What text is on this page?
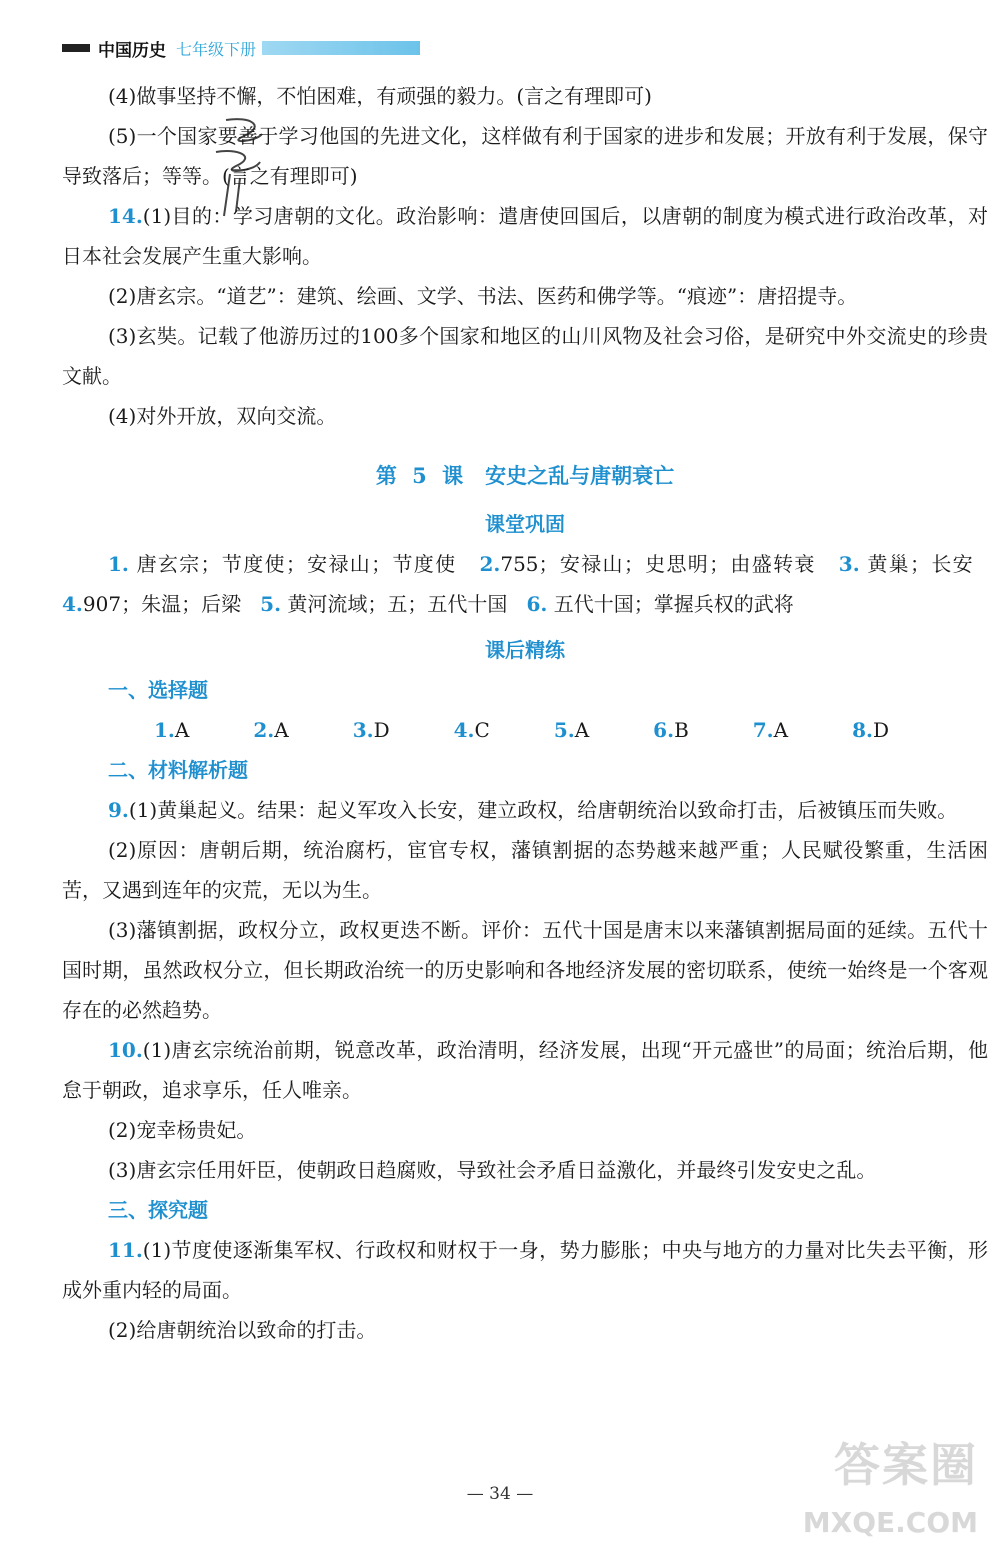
中国历史 七年级下册

(4)做事坚持不懈，不怕困难，有顽强的毅力。(言之有理即可)

(5)一个国家要善于学习他国的先进文化，这样做有利于国家的进步和发展；开放有利于发展，保守导致落后；等等。(言之有理即可)

14.(1)目的：学习唐朝的文化。政治影响：遣唐使回国后，以唐朝的制度为模式进行政治改革，对日本社会发展产生重大影响。

(2)唐玄宗。“道艺”：建筑、绘画、文学、书法、医药和佛学等。“痕迹”：唐招提寺。

(3)玄奘。记载了他游历过的100多个国家和地区的山川风物及社会习俗，是研究中外交流史的珍贵文献。

(4)对外开放，双向交流。

第 5 课 安史之乱与唐朝衰亡
课堂巩固

1. 唐玄宗；节度使；安禄山；节度使 2.755；安禄山；史思明；由盛转衰 3. 黄巢；长安   4.907；朱温；后梁 5. 黄河流域；五；五代十国 6. 五代十国；掌握兵权的武将

课后精练
一、选择题

1.A	2.A	3.D	4.C	5.A	6.B	7.A	8.D

二、材料解析题

9.(1)黄巢起义。结果：起义军攻入长安，建立政权，给唐朝统治以致命打击，后被镇压而失败。

(2)原因：唐朝后期，统治腐朽，宦官专权，藩镇割据的态势越来越严重；人民赋役繁重，生活困苦，又遇到连年的灾荒，无以为生。

(3)藩镇割据，政权分立，政权更迭不断。评价：五代十国是唐末以来藩镇割据局面的延续。五代十国时期，虽然政权分立，但长期政治统一的历史影响和各地经济发展的密切联系，使统一始终是一个客观存在的必然趋势。

10.(1)唐玄宗统治前期，锐意改革，政治清明，经济发展，出现“开元盛世”的局面；统治后期，他怠于朝政，追求享乐，任人唯亲。

(2)宠幸杨贵妃。

(3)唐玄宗任用奸臣，使朝政日趋腐败，导致社会矛盾日益激化，并最终引发安史之乱。

三、探究题

11.(1)节度使逐渐集军权、行政权和财权于一身，势力膨胀；中央与地方的力量对比失去平衡，形成外重内轻的局面。

(2)给唐朝统治以致命的打击。

— 34 —
答案圈
MXQE.COM
